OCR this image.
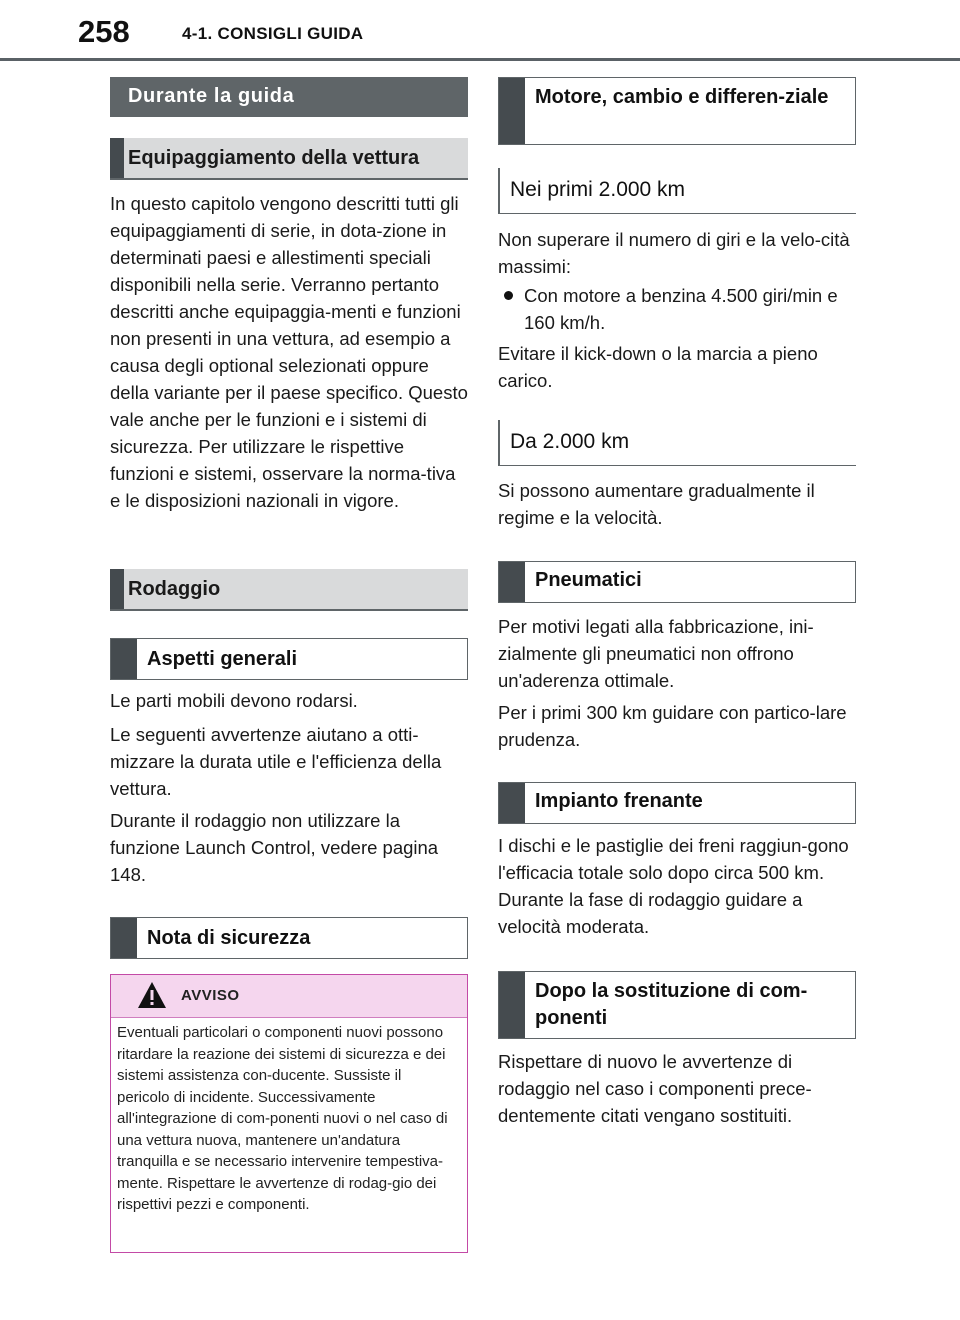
258	4-1. CONSIGLI GUIDA
Durante la guida
Equipaggiamento della vettura

In questo capitolo vengono descritti tutti gli equipaggiamenti di serie, in dota-zione in determinati paesi e allestimenti speciali disponibili nella serie. Verranno pertanto descritti anche equipaggia-menti e funzioni non presenti in una vettura, ad esempio a causa degli optional selezionati oppure della variante per il paese specifico. Questo vale anche per le funzioni e i sistemi di sicurezza. Per utilizzare le rispettive funzioni e sistemi, osservare la norma-tiva e le disposizioni nazionali in vigore.

Rodaggio
Aspetti generali

Le parti mobili devono rodarsi.

Le seguenti avvertenze aiutano a otti-mizzare la durata utile e l'efficienza della vettura.

Durante il rodaggio non utilizzare la funzione Launch Control, vedere pagina 148.

Nota di sicurezza
AVVISO

Eventuali particolari o componenti nuovi possono ritardare la reazione dei sistemi di sicurezza e dei sistemi assistenza con-ducente. Sussiste il pericolo di incidente. Successivamente all'integrazione di com-ponenti nuovi o nel caso di una vettura nuova, mantenere un'andatura tranquilla e se necessario intervenire tempestiva-mente. Rispettare le avvertenze di rodag-gio dei rispettivi pezzi e componenti.

Motore, cambio e differen-ziale
Nei primi 2.000 km

Non superare il numero di giri e la velo-cità massimi:

Con motore a benzina 4.500 giri/min e 160 km/h.

Evitare il kick-down o la marcia a pieno carico.

Da 2.000 km

Si possono aumentare gradualmente il regime e la velocità.

Pneumatici

Per motivi legati alla fabbricazione, ini-zialmente gli pneumatici non offrono un'aderenza ottimale.

Per i primi 300 km guidare con partico-lare prudenza.

Impianto frenante

I dischi e le pastiglie dei freni raggiun-gono l'efficacia totale solo dopo circa 500 km. Durante la fase di rodaggio guidare a velocità moderata.

Dopo la sostituzione di com-ponenti

Rispettare di nuovo le avvertenze di rodaggio nel caso i componenti prece-dentemente citati vengano sostituiti.
